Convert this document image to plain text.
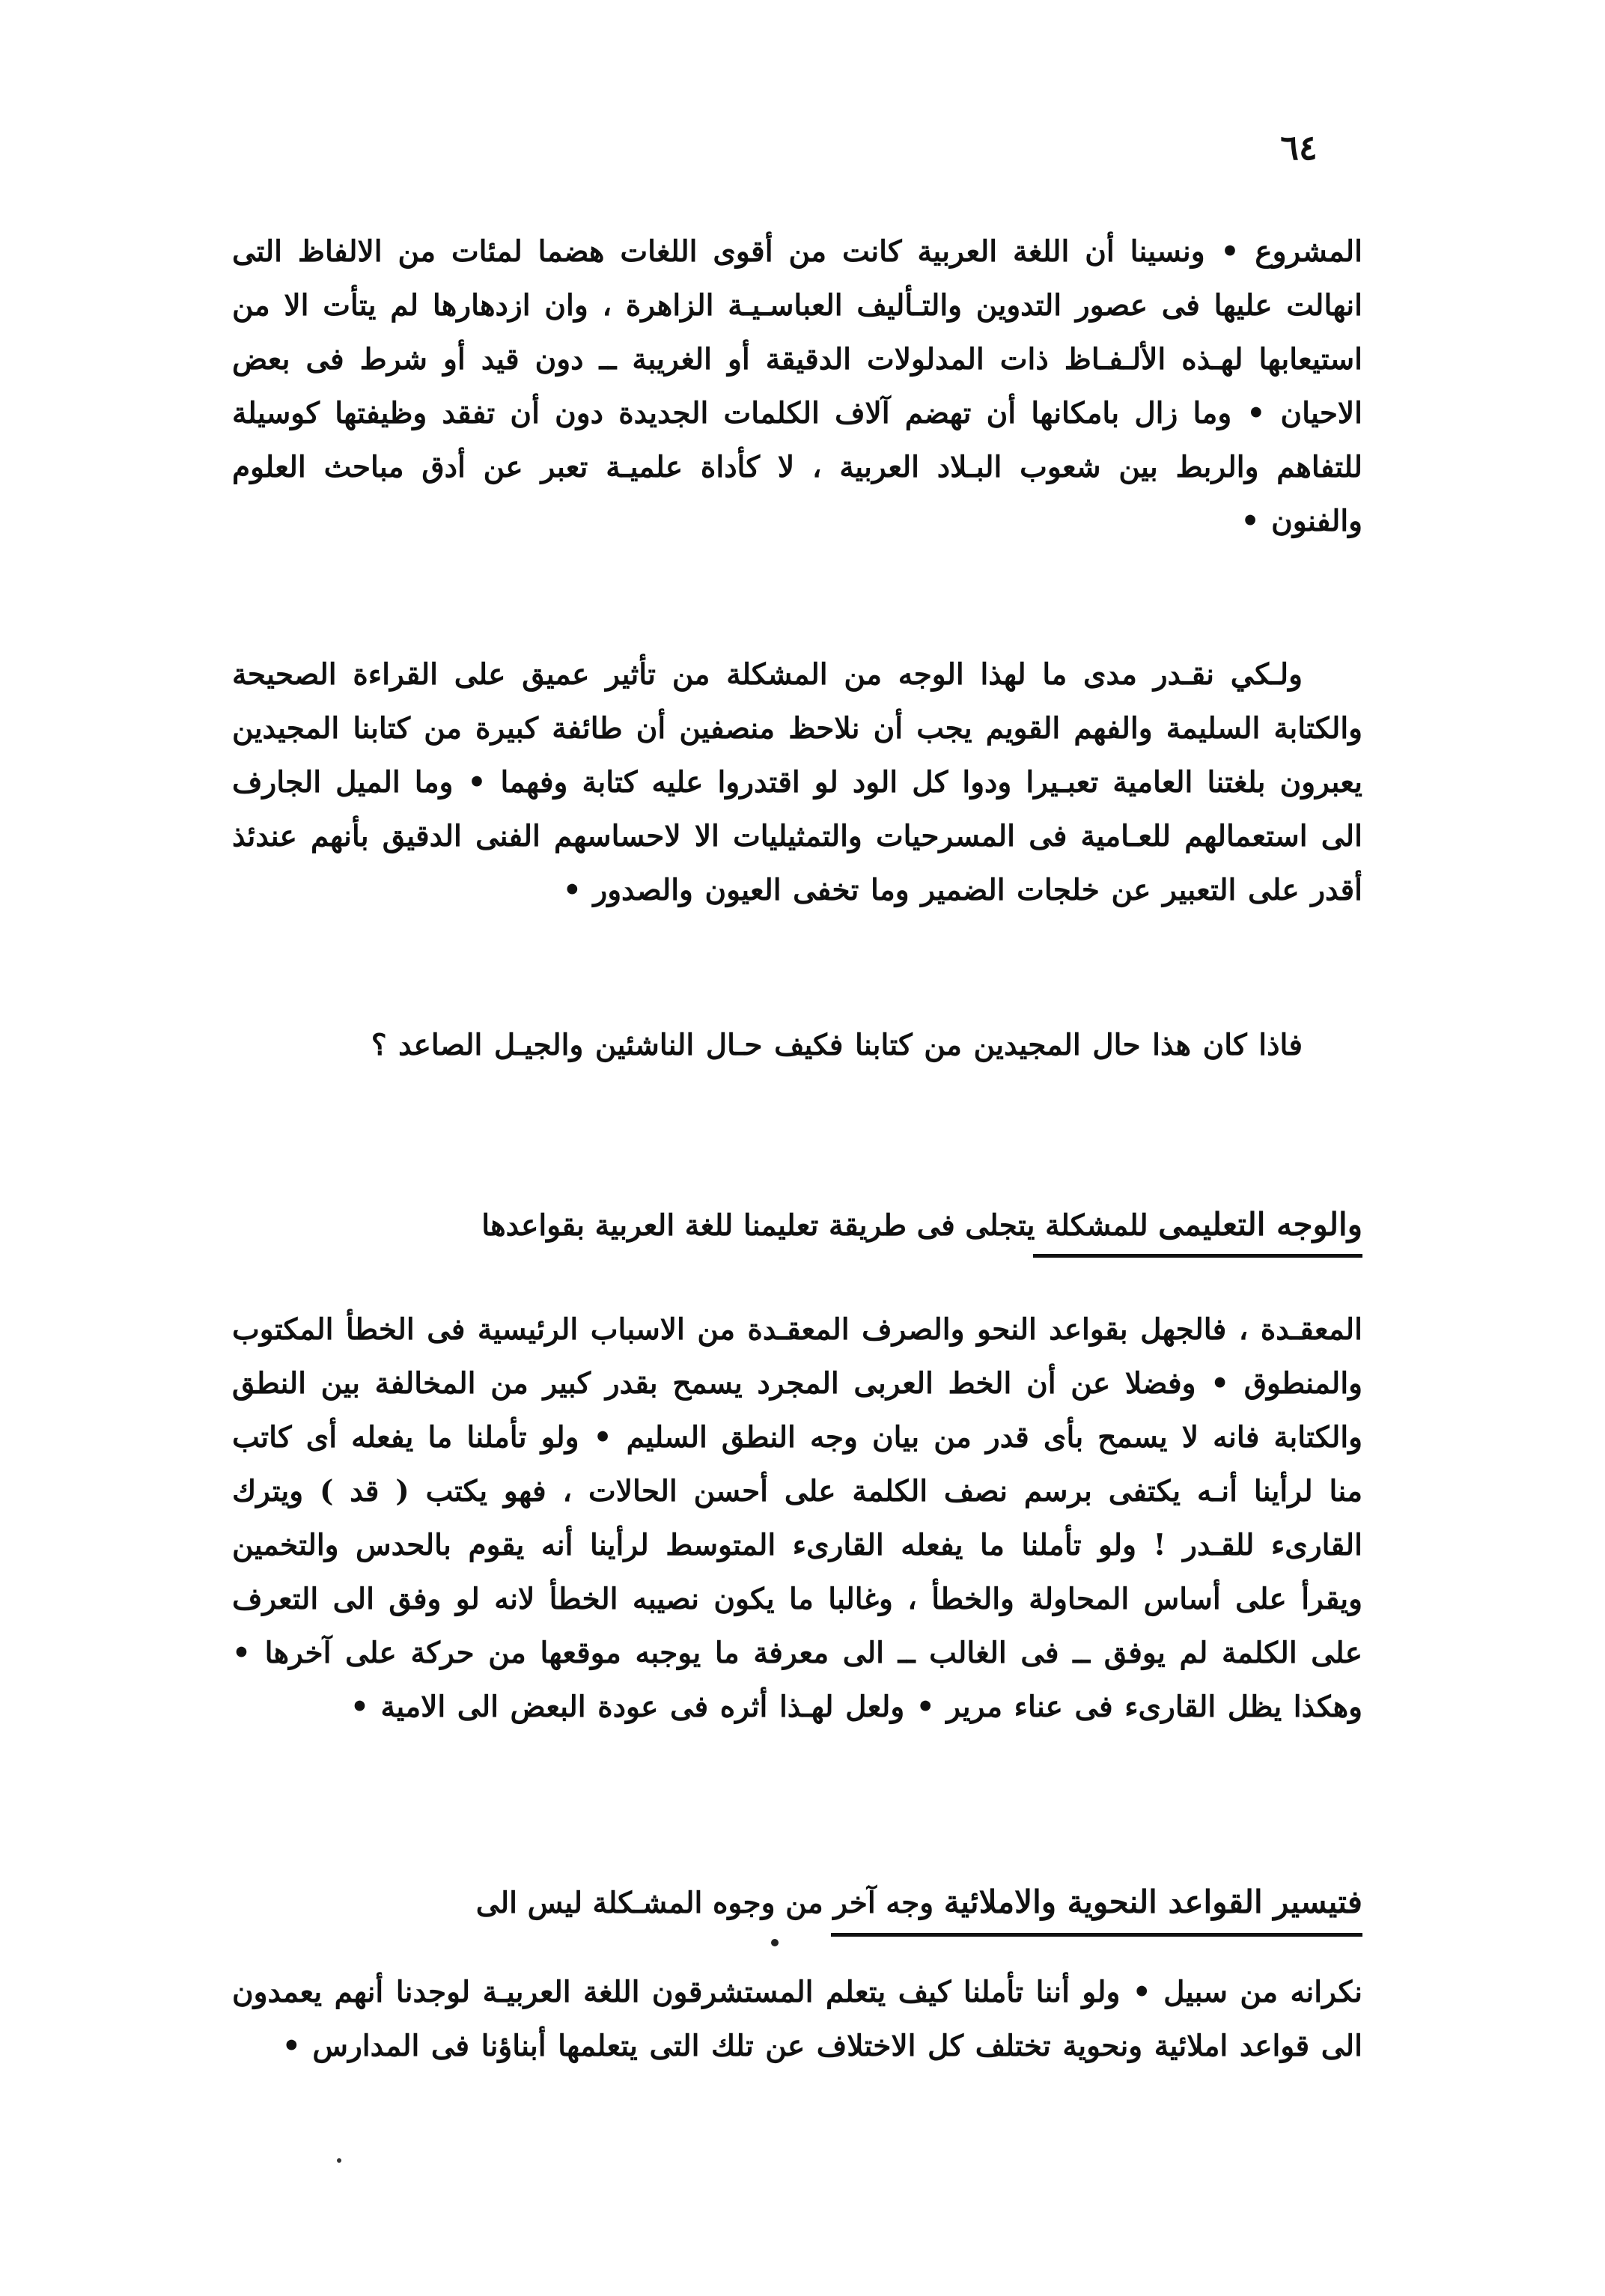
٦٤

المشروع • ونسينا أن اللغة العربية كانت من أقوى اللغات هضما لمئات من الالفاظ التى انهالت عليها فى عصور التدوين والتـأليف العباسـيـة الزاهرة ، وان ازدهارها لم يتأت الا من استيعابها لهـذه الألـفـاظ ذات المدلولات الدقيقة أو الغريبة ــ دون قيد أو شرط فى بعض الاحيان • وما زال بامكانها أن تهضم آلاف الكلمات الجديدة دون أن تفقد وظيفتها كوسيلة للتفاهم والربط بين شعوب البـلاد العربية ، لا كأداة علميـة تعبر عن أدق مباحث العلوم والفنون •

ولـكي نقـدر مدى ما لهذا الوجه من المشكلة من تأثير عميق على القراءة الصحيحة والكتابة السليمة والفهم القويم يجب أن نلاحظ منصفين أن طائفة كبيرة من كتابنا المجيدين يعبرون بلغتنا العامية تعبـيرا ودوا كل الود لو اقتدروا عليه كتابة وفهما • وما الميل الجارف الى استعمالهم للعـامية فى المسرحيات والتمثيليات الا لاحساسهم الفنى الدقيق بأنهم عندئذ أقدر على التعبير عن خلجات الضمير وما تخفى العيون والصدور •

فاذا كان هذا حال المجيدين من كتابنا فكيف حـال الناشئين والجيـل الصاعد ؟

والوجه التعليمى للمشكلة يتجلى فى طريقة تعليمنا للغة العربية بقواعدها

المعقـدة ، فالجهل بقواعد النحو والصرف المعقـدة من الاسباب الرئيسية فى الخطأ المكتوب والمنطوق • وفضلا عن أن الخط العربى المجرد يسمح بقدر كبير من المخالفة بين النطق والكتابة فانه لا يسمح بأى قدر من بيان وجه النطق السليم • ولو تأملنا ما يفعله أى كاتب منا لرأينا أنـه يكتفى برسم نصف الكلمة على أحسن الحالات ، فهو يكتب ( قد ) ويترك القارىء للقـدر ! ولو تأملنا ما يفعله القارىء المتوسط لرأينا أنه يقوم بالحدس والتخمين ويقرأ على أساس المحاولة والخطأ ، وغالبا ما يكون نصيبه الخطأ لانه لو وفق الى التعرف على الكلمة لم يوفق ــ فى الغالب ــ الى معرفة ما يوجبه موقعها من حركة على آخرها • وهكذا يظل القارىء فى عناء مرير • ولعل لهـذا أثره فى عودة البعض الى الامية •

فتيسير القواعد النحوية والاملائية وجه آخر من وجوه المشـكلة ليس الى

نكرانه من سبيل • ولو أننا تأملنا كيف يتعلم المستشرقون اللغة العربيـة لوجدنا أنهم يعمدون الى قواعد املائية ونحوية تختلف كل الاختلاف عن تلك التى يتعلمها أبناؤنا فى المدارس •
